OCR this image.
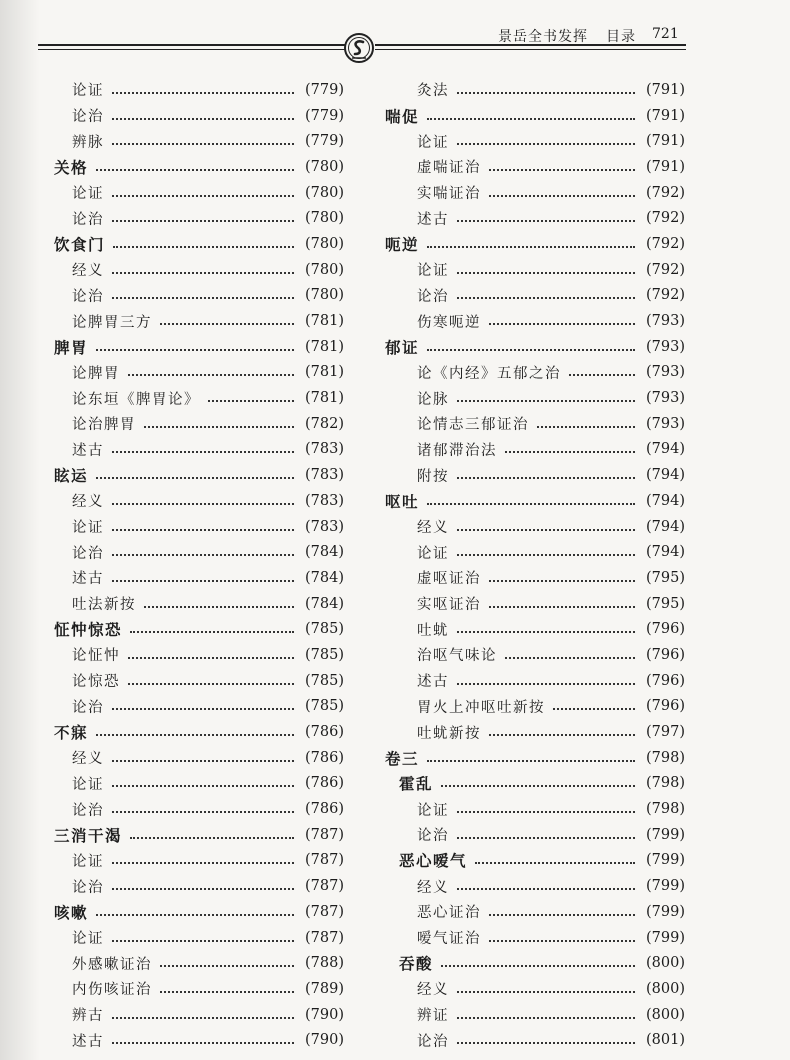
景岳全书发挥 目录 721
论证	(779)
论治	(779)
辨脉	(779)
关格	(780)
论证	(780)
论治	(780)
饮食门	(780)
经义	(780)
论治	(780)
论脾胃三方	(781)
脾胃	(781)
论脾胃	(781)
论东垣《脾胃论》	(781)
论治脾胃	(782)
述古	(783)
眩运	(783)
经义	(783)
论证	(783)
论治	(784)
述古	(784)
吐法新按	(784)
怔忡惊恐	(785)
论怔忡	(785)
论惊恐	(785)
论治	(785)
不寐	(786)
经义	(786)
论证	(786)
论治	(786)
三消干渴	(787)
论证	(787)
论治	(787)
咳嗽	(787)
论证	(787)
外感嗽证治	(788)
内伤咳证治	(789)
辨古	(790)
述古	(790)
灸法	(791)
喘促	(791)
论证	(791)
虚喘证治	(791)
实喘证治	(792)
述古	(792)
呃逆	(792)
论证	(792)
论治	(792)
伤寒呃逆	(793)
郁证	(793)
论《内经》五郁之治	(793)
论脉	(793)
论情志三郁证治	(793)
诸郁滞治法	(794)
附按	(794)
呕吐	(794)
经义	(794)
论证	(794)
虚呕证治	(795)
实呕证治	(795)
吐蚘	(796)
治呕气味论	(796)
述古	(796)
胃火上冲呕吐新按	(796)
吐蚘新按	(797)
卷三	(798)
霍乱	(798)
论证	(798)
论治	(799)
恶心嗳气	(799)
经义	(799)
恶心证治	(799)
嗳气证治	(799)
吞酸	(800)
经义	(800)
辨证	(800)
论治	(801)
